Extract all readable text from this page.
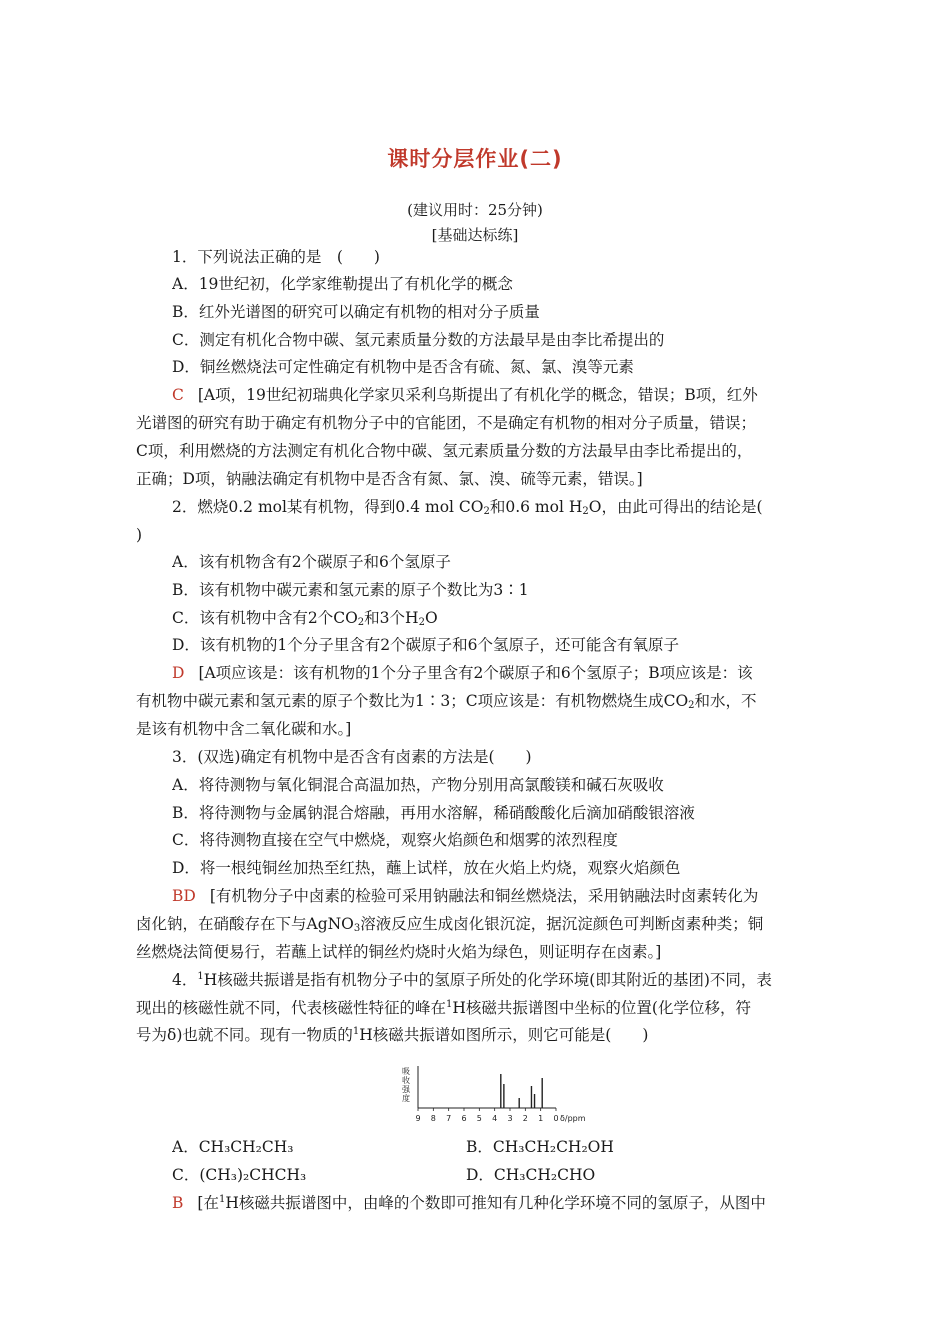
课时分层作业(二)
(建议用时：25分钟)
[基础达标练]
1．下列说法正确的是　(　　)
A．19世纪初，化学家维勒提出了有机化学的概念
B．红外光谱图的研究可以确定有机物的相对分子质量
C．测定有机化合物中碳、氢元素质量分数的方法最早是由李比希提出的
D．铜丝燃烧法可定性确定有机物中是否含有硫、氮、氯、溴等元素
C [A项，19世纪初瑞典化学家贝采利乌斯提出了有机化学的概念，错误；B项，红外
光谱图的研究有助于确定有机物分子中的官能团，不是确定有机物的相对分子质量，错误；
C项，利用燃烧的方法测定有机化合物中碳、氢元素质量分数的方法最早由李比希提出的，
正确；D项，钠融法确定有机物中是否含有氮、氯、溴、硫等元素，错误。]
2．燃烧0.2 mol某有机物，得到0.4 mol $CO_2$和0.6 mol $H_2O$，由此可得出的结论是(
)
A．该有机物含有2个碳原子和6个氢原子
B．该有机物中碳元素和氢元素的原子个数比为3∶1
C．该有机物中含有2个$CO_2$和3个$H_2O$
D．该有机物的1个分子里含有2个碳原子和6个氢原子，还可能含有氧原子
D [A项应该是：该有机物的1个分子里含有2个碳原子和6个氢原子；B项应该是：该
有机物中碳元素和氢元素的原子个数比为1∶3；C项应该是：有机物燃烧生成$CO_2$和水，不
是该有机物中含二氧化碳和水。]
3．(双选)确定有机物中是否含有卤素的方法是(　　)
A．将待测物与氧化铜混合高温加热，产物分别用高氯酸镁和碱石灰吸收
B．将待测物与金属钠混合熔融，再用水溶解，稀硝酸酸化后滴加硝酸银溶液
C．将待测物直接在空气中燃烧，观察火焰颜色和烟雾的浓烈程度
D．将一根纯铜丝加热至红热，蘸上试样，放在火焰上灼烧，观察火焰颜色
BD [有机物分子中卤素的检验可采用钠融法和铜丝燃烧法，采用钠融法时卤素转化为
卤化钠，在硝酸存在下与AgNO$_3$溶液反应生成卤化银沉淀，据沉淀颜色可判断卤素种类；铜
丝燃烧法简便易行，若蘸上试样的铜丝灼烧时火焰为绿色，则证明存在卤素。]
4．$^1$H核磁共振谱是指有机物分子中的氢原子所处的化学环境(即其附近的基团)不同，表
现出的核磁性就不同，代表核磁性特征的峰在$^1$H核磁共振谱图中坐标的位置(化学位移，符
号为δ)也就不同。现有一物质的$^1$H核磁共振谱如图所示，则它可能是(　　)
吸
收
强
度
9 8 7 6 5 4 3 2 1 0 δ/ppm
A．CH₃CH₂CH₃	B．CH₃CH₂CH₂OH
C．(CH₃)₂CHCH₃	D．CH₃CH₂CHO
B [在$^1$H核磁共振谱图中，由峰的个数即可推知有几种化学环境不同的氢原子，从图中
